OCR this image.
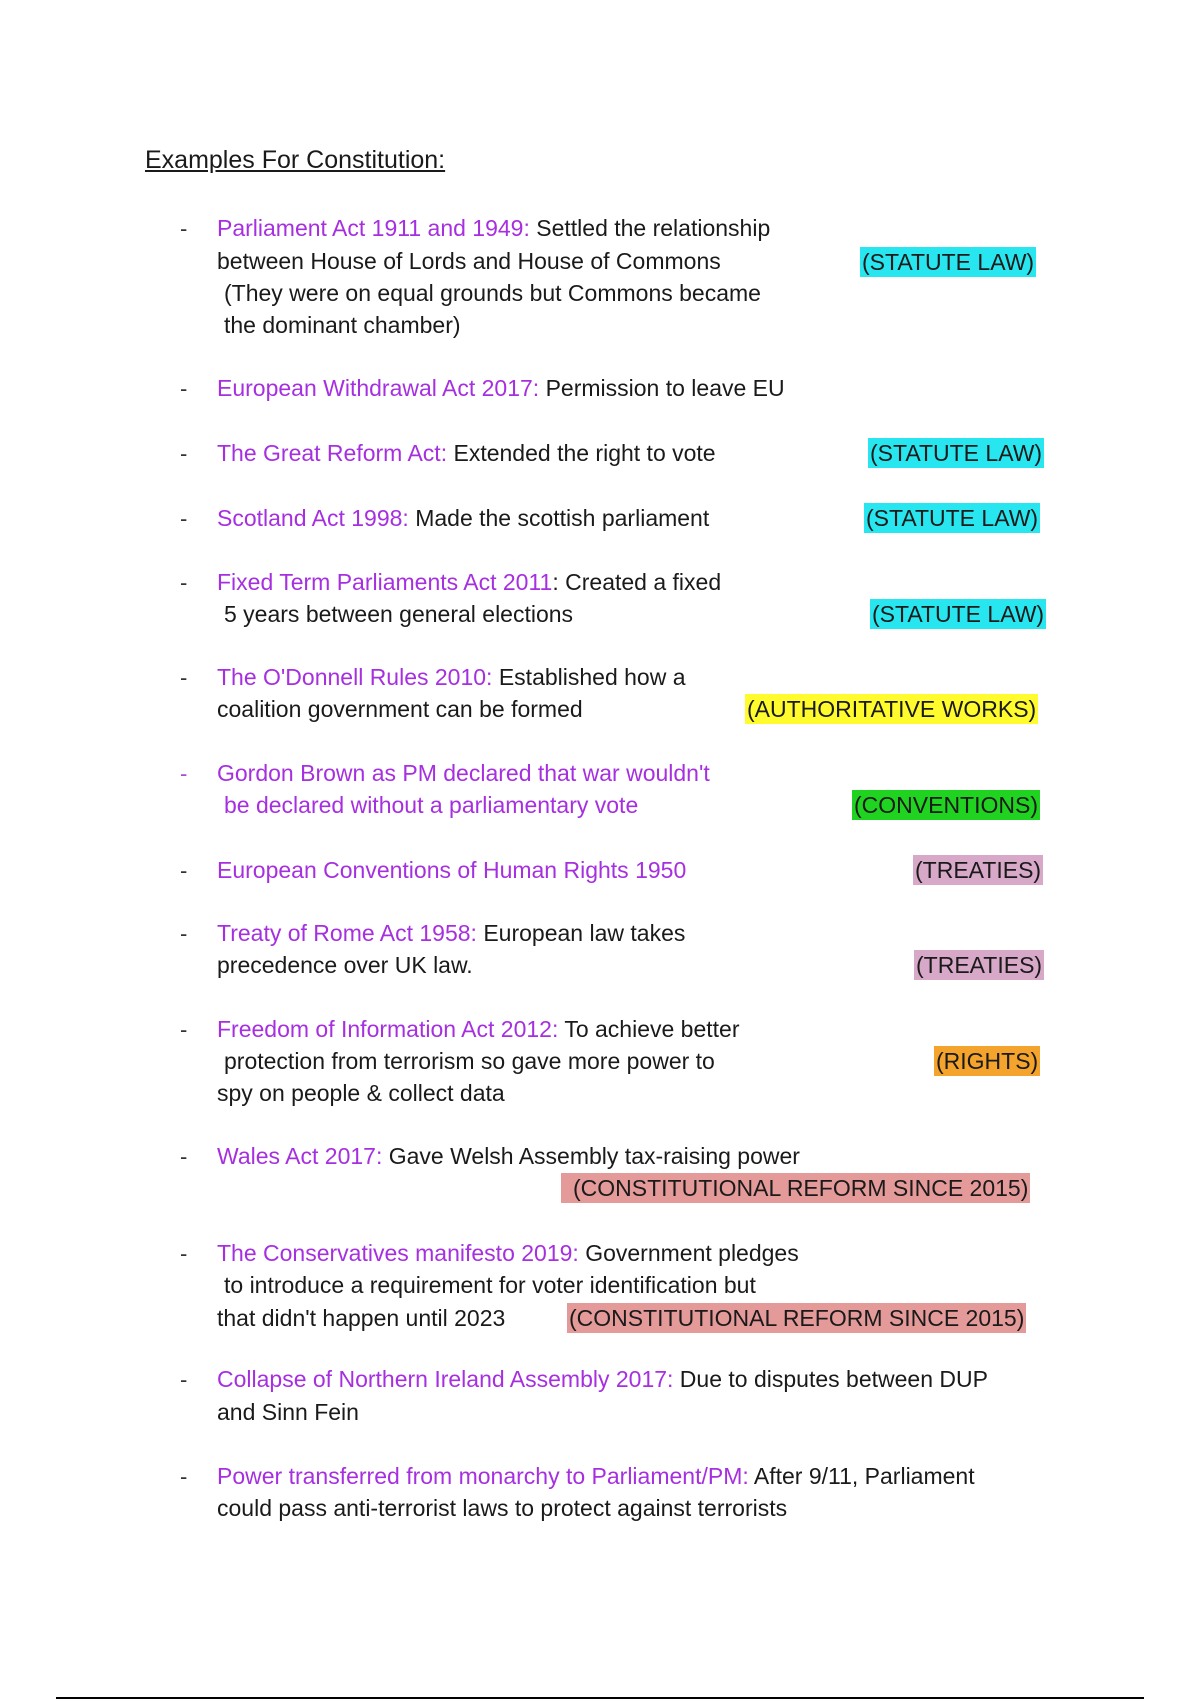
Examples For Constitution:
- Parliament Act 1911 and 1949: Settled the relationship
between House of Lords and House of Commons
(They were on equal grounds but Commons became
the dominant chamber)
(STATUTE LAW)
- European Withdrawal Act 2017: Permission to leave EU
- The Great Reform Act: Extended the right to vote	(STATUTE LAW)
- Scotland Act 1998: Made the scottish parliament	(STATUTE LAW)
- Fixed Term Parliaments Act 2011: Created a fixed
5 years between general elections	(STATUTE LAW)
- The O'Donnell Rules 2010: Established how a
coalition government can be formed	(AUTHORITATIVE WORKS)
- Gordon Brown as PM declared that war wouldn't
be declared without a parliamentary vote	(CONVENTIONS)
- European Conventions of Human Rights 1950	(TREATIES)
- Treaty of Rome Act 1958: European law takes
precedence over UK law.	(TREATIES)
- Freedom of Information Act 2012: To achieve better
protection from terrorism so gave more power to
spy on people & collect data
(RIGHTS)
- Wales Act 2017: Gave Welsh Assembly tax-raising power
(CONSTITUTIONAL REFORM SINCE 2015)
- The Conservatives manifesto 2019: Government pledges
to introduce a requirement for voter identification but
that didn't happen until 2023	(CONSTITUTIONAL REFORM SINCE 2015)
- Collapse of Northern Ireland Assembly 2017: Due to disputes between DUP
and Sinn Fein
- Power transferred from monarchy to Parliament/PM: After 9/11, Parliament
could pass anti-terrorist laws to protect against terrorists
